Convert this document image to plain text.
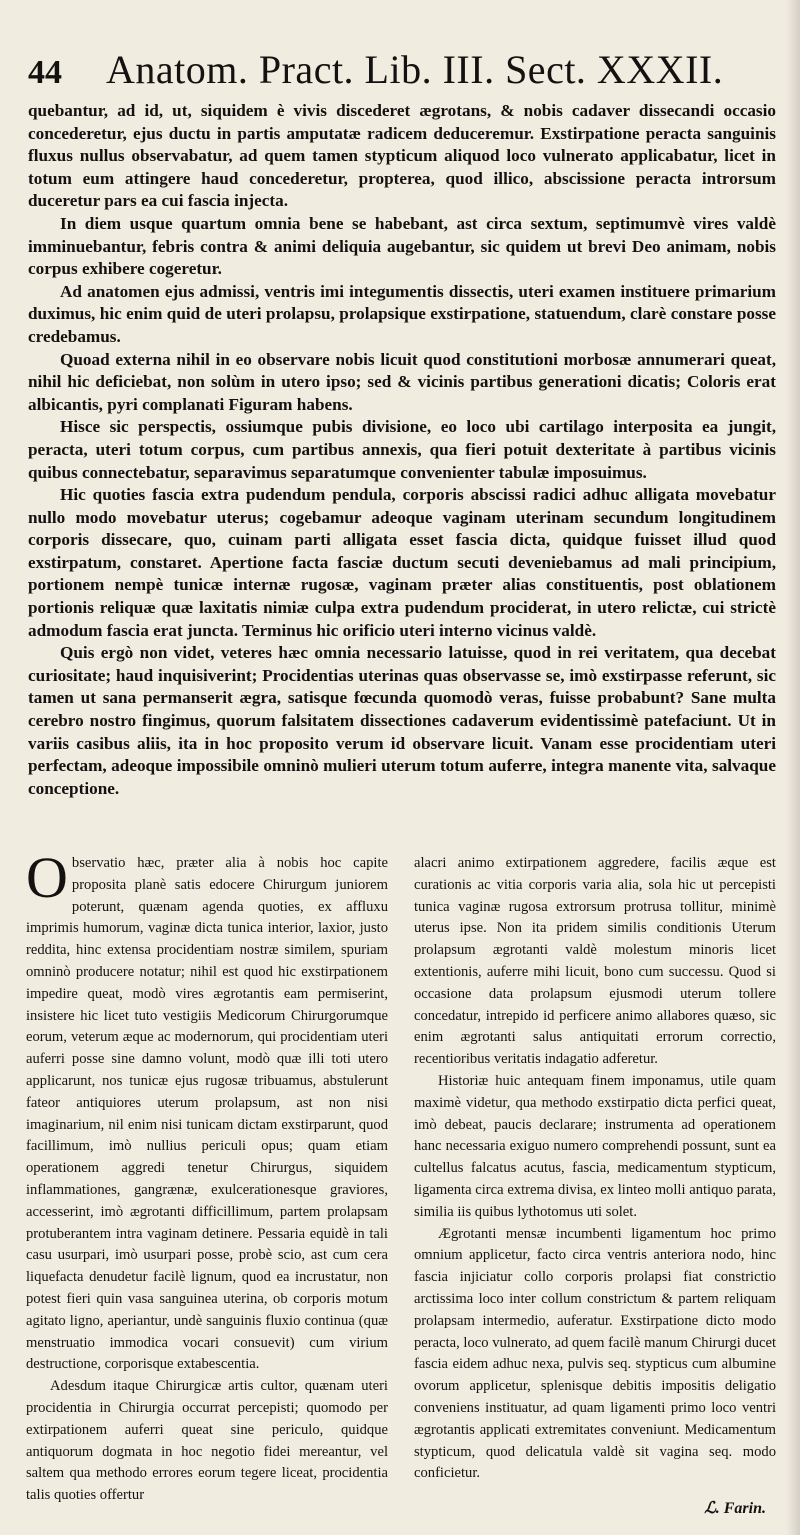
44	Anatom. Pract. Lib. III. Sect. XXXII.

quebantur, ad id, ut, siquidem è vivis discederet ægrotans, & nobis cadaver dissecandi occasio concederetur, ejus ductu in partis amputatæ radicem deduceremur. Exstirpatione peracta sanguinis fluxus nullus observabatur, ad quem tamen stypticum aliquod loco vulnerato applicabatur, licet in totum eum attingere haud concederetur, propterea, quod illico, abscissione peracta introrsum duceretur pars ea cui fascia injecta.

In diem usque quartum omnia bene se habebant, ast circa sextum, septimumvè vires valdè imminuebantur, febris contra & animi deliquia augebantur, sic quidem ut brevi Deo animam, nobis corpus exhibere cogeretur.

Ad anatomen ejus admissi, ventris imi integumentis dissectis, uteri examen instituere primarium duximus, hic enim quid de uteri prolapsu, prolapsique exstirpatione, statuendum, clarè constare posse credebamus.

Quoad externa nihil in eo observare nobis licuit quod constitutioni morbosæ annumerari queat, nihil hic deficiebat, non solùm in utero ipso; sed & vicinis partibus generationi dicatis; Coloris erat albicantis, pyri complanati Figuram habens.

Hisce sic perspectis, ossiumque pubis divisione, eo loco ubi cartilago interposita ea jungit, peracta, uteri totum corpus, cum partibus annexis, qua fieri potuit dexteritate à partibus vicinis quibus connectebatur, separavimus separatumque convenienter tabulæ imposuimus.

Hic quoties fascia extra pudendum pendula, corporis abscissi radici adhuc alligata movebatur nullo modo movebatur uterus; cogebamur adeoque vaginam uterinam secundum longitudinem corporis dissecare, quo, cuinam parti alligata esset fascia dicta, quidque fuisset illud quod exstirpatum, constaret. Apertione facta fasciæ ductum secuti deveniebamus ad mali principium, portionem nempè tunicæ internæ rugosæ, vaginam præter alias constituentis, post oblationem portionis reliquæ quæ laxitatis nimiæ culpa extra pudendum prociderat, in utero relictæ, cui strictè admodum fascia erat juncta. Terminus hic orificio uteri interno vicinus valdè.

Quis ergò non videt, veteres hæc omnia necessario latuisse, quod in rei veritatem, qua decebat curiositate; haud inquisiverint; Procidentias uterinas quas observasse se, imò exstirpasse referunt, sic tamen ut sana permanserit ægra, satisque fœcunda quomodò veras, fuisse probabunt? Sane multa cerebro nostro fingimus, quorum falsitatem dissectiones cadaverum evidentissimè patefaciunt. Ut in variis casibus aliis, ita in hoc proposito verum id observare licuit. Vanam esse procidentiam uteri perfectam, adeoque impossibile omninò mulieri uterum totum auferre, integra manente vita, salvaque conceptione.

Observatio hæc, præter alia à nobis hoc capite proposita planè satis edocere Chirurgum juniorem poterunt, quænam agenda quoties, ex affluxu imprimis humorum, vaginæ dicta tunica interior, laxior, justo reddita, hinc extensa procidentiam nostræ similem, spuriam omninò producere notatur; nihil est quod hic exstirpationem impedire queat, modò vires ægrotantis eam permiserint, insistere hic licet tuto vestigiis Medicorum Chirurgorumque eorum, veterum æque ac modernorum, qui procidentiam uteri auferri posse sine damno volunt, modò quæ illi toti utero applicarunt, nos tunicæ ejus rugosæ tribuamus, abstulerunt fateor antiquiores uterum prolapsum, ast non nisi imaginarium, nil enim nisi tunicam dictam exstirparunt, quod facillimum, imò nullius periculi opus; quam etiam operationem aggredi tenetur Chirurgus, siquidem inflammationes, gangrænæ, exulcerationesque graviores, accesserint, imò ægrotanti difficillimum, partem prolapsam protuberantem intra vaginam detinere. Pessaria equidè in tali casu usurpari, imò usurpari posse, probè scio, ast cum cera liquefacta denudetur facilè lignum, quod ea incrustatur, non potest fieri quin vasa sanguinea uterina, ob corporis motum agitato ligno, aperiantur, undè sanguinis fluxio continua (quæ menstruatio immodica vocari consuevit) cum virium destructione, corporisque extabescentia.

Adesdum itaque Chirurgicæ artis cultor, quænam uteri procidentia in Chirurgia occurrat percepisti; quomodo per extirpationem auferri queat sine periculo, quidque antiquorum dogmata in hoc negotio fidei mereantur, vel saltem qua methodo errores eorum tegere liceat, procidentia talis quoties offertur

alacri animo extirpationem aggredere, facilis æque est curationis ac vitia corporis varia alia, sola hic ut percepisti tunica vaginæ rugosa extrorsum protrusa tollitur, minimè uterus ipse. Non ita pridem similis conditionis Uterum prolapsum ægrotanti valdè molestum minoris licet extentionis, auferre mihi licuit, bono cum successu. Quod si occasione data prolapsum ejusmodi uterum tollere concedatur, intrepido id perficere animo allabores quæso, sic enim ægrotanti salus antiquitati errorum correctio, recentioribus veritatis indagatio adferetur.

Historiæ huic antequam finem imponamus, utile quam maximè videtur, qua methodo exstirpatio dicta perfici queat, imò debeat, paucis declarare; instrumenta ad operationem hanc necessaria exiguo numero comprehendi possunt, sunt ea cultellus falcatus acutus, fascia, medicamentum stypticum, ligamenta circa extrema divisa, ex linteo molli antiquo parata, similia iis quibus lythotomus uti solet.

Ægrotanti mensæ incumbenti ligamentum hoc primo omnium applicetur, facto circa ventris anteriora nodo, hinc fascia injiciatur collo corporis prolapsi fiat constrictio arctissima loco inter collum constrictum & partem reliquam prolapsam intermedio, auferatur. Exstirpatione dicto modo peracta, loco vulnerato, ad quem facilè manum Chirurgi ducet fascia eidem adhuc nexa, pulvis seq. stypticus cum albumine ovorum applicetur, splenisque debitis impositis deligatio conveniens instituatur, ad quam ligamenti primo loco ventri ægrotantis applicati extremitates conveniunt. Medicamentum stypticum, quod delicatula valdè sit vagina seq. modo conficietur.

ℒ. Farin.
